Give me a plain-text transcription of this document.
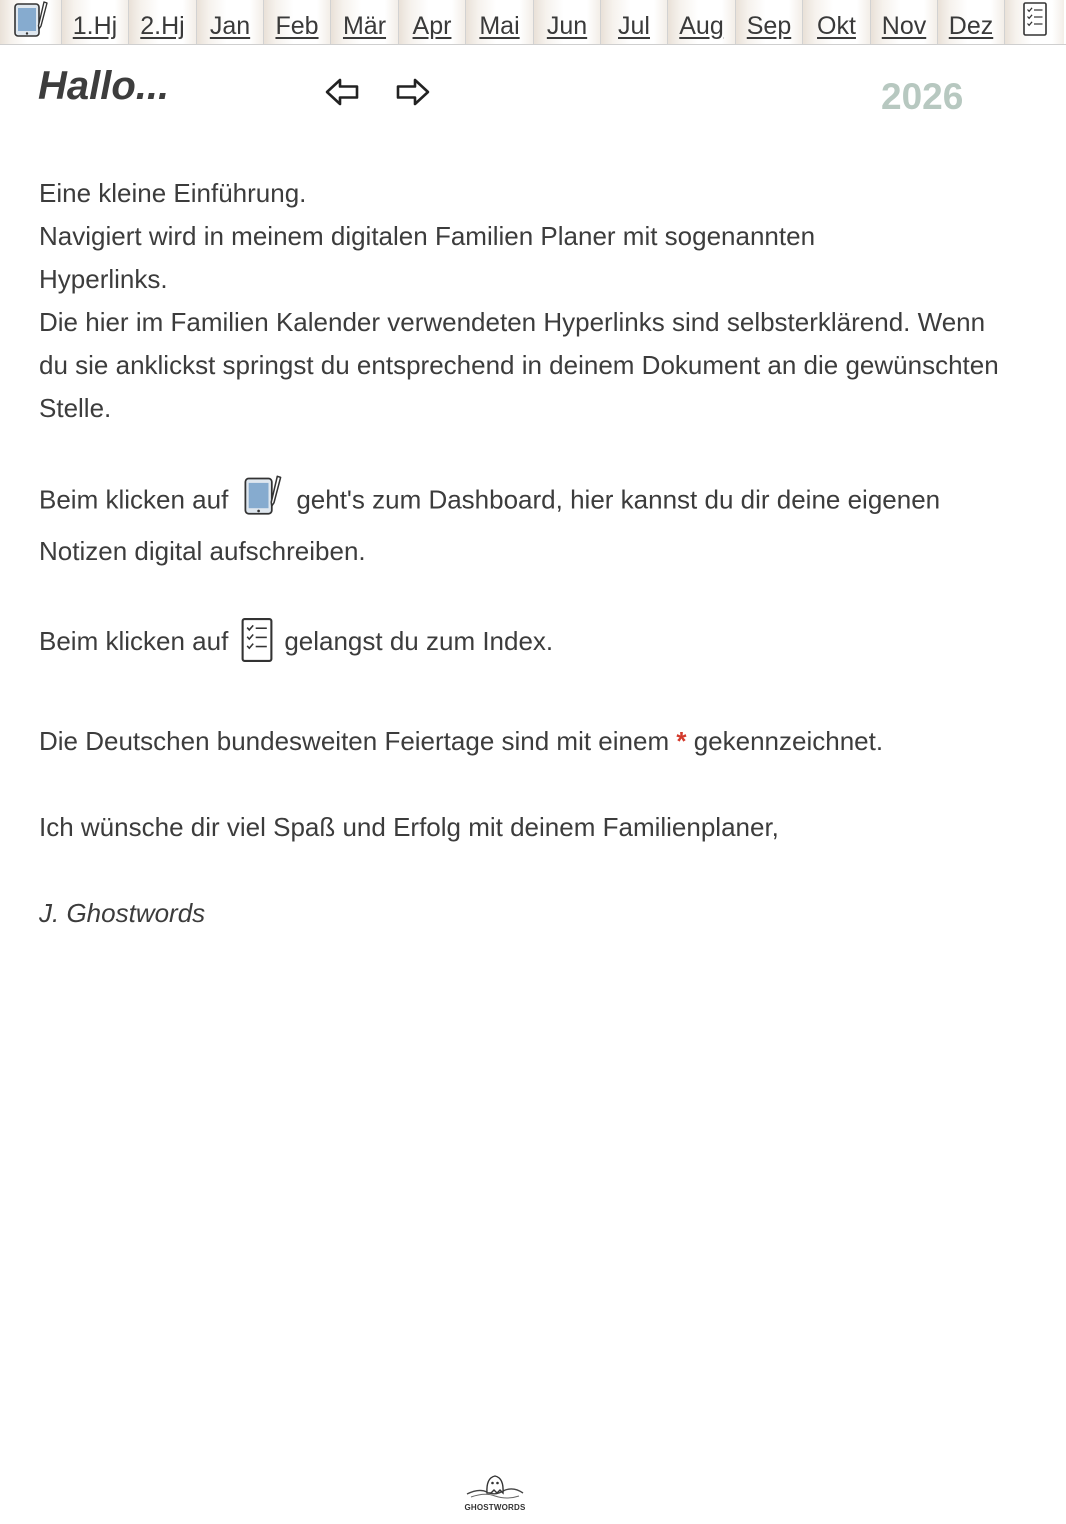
1.Hj 2.Hj Jan Feb Mär Apr Mai Jun Jul Aug Sep Okt Nov Dez
Hallo...	2026

Eine kleine Einführung.

Navigiert wird in meinem digitalen Familien Planer mit sogenannten Hyperlinks.

Die hier im Familien Kalender verwendeten Hyperlinks sind selbsterklärend. Wenn du sie anklickst springst du entsprechend in deinem Dokument an die gewünschten Stelle.

Beim klicken auf	geht's zum Dashboard, hier kannst du dir deine eigenen Notizen digital aufschreiben.

Beim klicken auf gelangst du zum Index.

Die Deutschen bundesweiten Feiertage sind mit einem * gekennzeichnet.

Ich wünsche dir viel Spaß und Erfolg mit deinem Familienplaner,

J. Ghostwords

GHOSTWORDS
